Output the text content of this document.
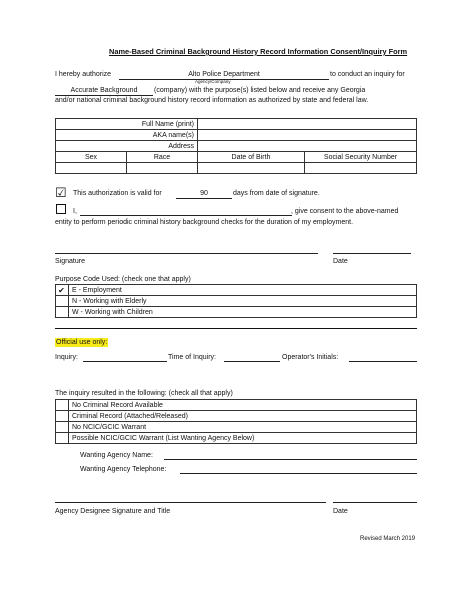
Name-Based Criminal Background History Record Information Consent/Inquiry Form
I hereby authorize	Alto Police Department	to conduct an inquiry for
Agency/Company
Accurate Background	(company) with the purpose(s) listed below and receive any Georgia
and/or national criminal background history record information as authorized by state and federal law.
Full Name (print)			
AKA name(s)			
Address			
Sex	Race	Date of Birth	Social Security Number

☑ This authorization is valid for	90	days from date of signature.
I,	, give consent to the above-named
entity to perform periodic criminal history background checks for the duration of my employment.
Signature	Date
Purpose Code Used: (check one that apply)
✔	E - Employment
	N - Working with Elderly
	W - Working with Children
Official use only:
Inquiry:	Time of Inquiry:	Operator's Initials:
The inquiry resulted in the following: (check all that apply)
	No Criminal Record Available
	Criminal Record (Attached/Released)
	No NCIC/GCIC Warrant
	Possible NCIC/GCIC Warrant (List Wanting Agency Below)
Wanting Agency Name:
Wanting Agency Telephone:
Agency Designee Signature and Title	Date
Revised March 2019
